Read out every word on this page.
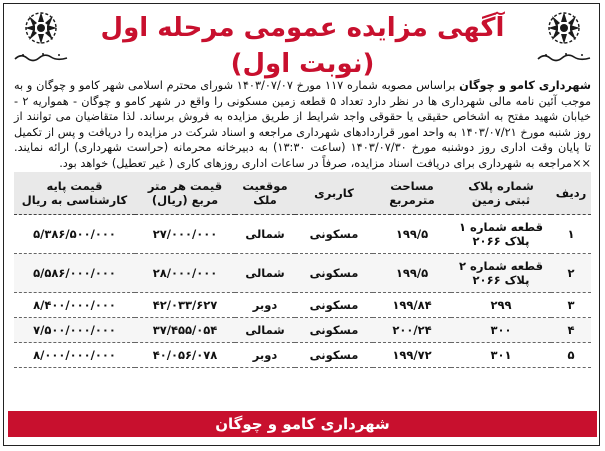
آگهی مزایده عمومی مرحله اول (نوبت اول)
شهرداری کامو و چوگان براساس مصوبه شماره ۱۱۷ مورخ ۱۴۰۳/۰۷/۰۷ شورای محترم اسلامی شهر کامو و چوگان و به موجب آئین نامه مالی شهرداری ها در نظر دارد تعداد ۵ قطعه زمین مسکونی را واقع در شهر کامو و چوگان - همواریه ۲ - خیابان شهید مفتح به اشخاص حقیقی یا حقوقی واجد شرایط از طریق مزایده به فروش برساند. لذا متقاضیان می توانند از روز شنبه مورخ ۱۴۰۳/۰۷/۲۱ به واحد امور قراردادهای شهرداری مراجعه و اسناد شرکت در مزایده را دریافت و پس از تکمیل تا پایان وقت اداری روز دوشنبه مورخ ۱۴۰۳/۰۷/۳۰ (ساعت ۱۳:۳۰) به دبیرخانه محرمانه (حراست شهرداری) ارائه نمایند. ××مراجعه به شهرداری برای دریافت اسناد مزایده، صرفاً در ساعات اداری روزهای کاری ( غیر تعطیل) خواهد بود.
ردیف	شماره پلاک ثبتی زمین	مساحت مترمربع	کاربری	موقعیت ملک	قیمت هر متر مربع (ریال)	قیمت پایه کارشناسی به ریال
۱	قطعه شماره ۱ پلاک ۲۰۶۶	۱۹۹/۵	مسکونی	شمالی	۲۷/۰۰۰/۰۰۰	۵/۳۸۶/۵۰۰/۰۰۰
۲	قطعه شماره ۲ پلاک ۲۰۶۶	۱۹۹/۵	مسکونی	شمالی	۲۸/۰۰۰/۰۰۰	۵/۵۸۶/۰۰۰/۰۰۰
۳	۲۹۹	۱۹۹/۸۴	مسکونی	دوبر	۴۲/۰۳۳/۶۲۷	۸/۴۰۰/۰۰۰/۰۰۰
۴	۳۰۰	۲۰۰/۲۴	مسکونی	شمالی	۳۷/۴۵۵/۰۵۴	۷/۵۰۰/۰۰۰/۰۰۰
۵	۳۰۱	۱۹۹/۷۲	مسکونی	دوبر	۴۰/۰۵۶/۰۷۸	۸/۰۰۰/۰۰۰/۰۰۰
شهرداری کامو و چوگان
